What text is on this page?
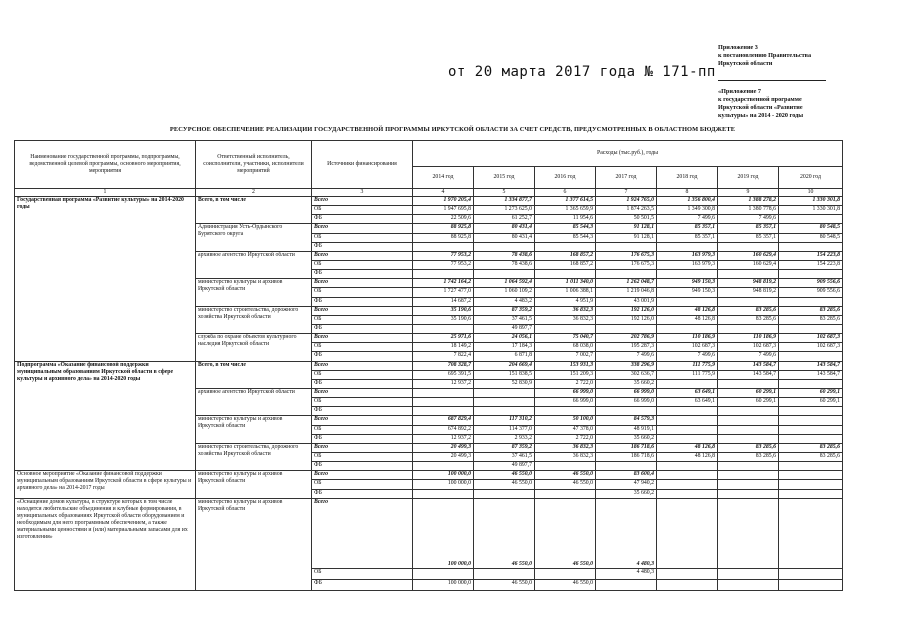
от 20 марта 2017 года № 171-пп
Приложение 3
к постановлению Правительства
Иркутской области
«Приложение 7
к государственной программе
Иркутской области «Развитие
культуры» на 2014 - 2020 годы
РЕСУРСНОЕ ОБЕСПЕЧЕНИЕ РЕАЛИЗАЦИИ ГОСУДАРСТВЕННОЙ ПРОГРАММЫ ИРКУТСКОЙ ОБЛАСТИ ЗА СЧЕТ СРЕДСТВ, ПРЕДУСМОТРЕННЫХ В ОБЛАСТНОМ БЮДЖЕТЕ
Наименование государственной программы, подпрограммы, ведомственной целевой программы, основного мероприятия, мероприятия	Ответственный исполнитель, соисполнители, участники, исполнители мероприятий	Источники финансирования	Расходы (тыс.руб.), годы						
			2014 год	2015 год	2016 год	2017 год	2018 год	2019 год	2020 год
1	2	3	4	5	6	7	8	9	10
Государственная программа «Развитие культуры» на 2014-2020 годы	Всего, в том числе	Всего	1 970 205,4	1 334 877,7	1 377 614,5	1 924 765,0	1 356 800,4	1 388 278,2	1 330 301,8
		ОБ	1 947 695,8	1 273 625,0	1 365 659,9	1 874 263,5	1 349 300,8	1 380 778,6	1 330 301,8
		ФБ	22 509,6	61 252,7	11 954,6	50 501,5	7 499,6	7 499,6	
	Администрация Усть-Ордынского Бурятского округа	Всего	88 925,8	80 431,4	85 544,3	91 128,1	85 357,1	85 357,1	80 548,5
		ОБ	88 925,8	80 431,4	85 544,3	91 128,1	85 357,1	85 357,1	80 548,5
		ФБ							
	архивное агентство Иркутской области	Всего	77 953,2	78 438,6	168 857,2	176 675,3	163 979,3	160 629,4	154 223,8
		ОБ	77 953,2	78 438,6	168 857,2	176 675,3	163 979,3	160 629,4	154 223,8
		ФБ							
	министерство культуры и архивов Иркутской области	Всего	1 742 164,2	1 064 592,4	1 011 340,0	1 262 048,7	949 150,3	948 819,2	909 556,6
		ОБ	1 727 477,0	1 060 109,2	1 006 388,1	1 219 046,8	949 150,3	948 819,2	909 556,6
		ФБ	14 687,2	4 483,2	4 951,9	43 001,9			
	министерство строительства, дорожного хозяйства Иркутской области	Всего	35 190,6	87 359,2	36 832,3	192 126,0	48 126,8	83 285,6	83 285,6
		ОБ	35 190,6	37 461,5	36 832,3	192 126,0	48 126,8	83 285,6	83 285,6
		ФБ		49 897,7					
	служба по охране объектов культурного наследия Иркутской области	Всего	25 971,6	24 056,1	75 040,7	202 786,9	110 186,9	110 186,9	102 687,3
		ОБ	18 149,2	17 184,3	68 038,0	195 287,3	102 687,3	102 687,3	102 687,3
		ФБ	7 822,4	6 871,8	7 002,7	7 499,6	7 499,6	7 499,6	
Подпрограмма «Оказание финансовой поддержки муниципальным образованиям Иркутской области в сфере культуры и архивного дела» на 2014-2020 годы	Всего, в том числе	Всего	708 328,7	204 669,4	153 931,3	338 296,9	111 775,9	143 584,7	143 584,7
		ОБ	695 391,5	151 838,5	151 209,3	302 636,7	111 775,9	143 584,7	143 584,7
		ФБ	12 937,2	52 830,9	2 722,0	35 660,2			
	архивное агентство Иркутской области	Всего			66 999,0	66 999,0	63 649,1	60 299,1	60 299,1
		ОБ			66 999,0	66 999,0	63 649,1	60 299,1	60 299,1
		ФБ							
	министерство культуры и архивов Иркутской области	Всего	687 829,4	117 310,2	50 100,0	84 579,3			
		ОБ	674 892,2	114 377,0	47 378,0	48 919,1			
		ФБ	12 937,2	2 933,2	2 722,0	35 660,2			
	министерство строительства, дорожного хозяйства Иркутской области	Всего	20 499,3	87 359,2	36 832,3	186 718,6	48 126,8	83 285,6	83 285,6
		ОБ	20 499,3	37 461,5	36 832,3	186 718,6	48 126,8	83 285,6	83 285,6
		ФБ		49 897,7					
Основное мероприятие «Оказание финансовой поддержки муниципальным образованиям Иркутской области в сфере культуры и архивного дела» на 2014-2017 годы	министерство культуры и архивов Иркутской области	Всего	100 000,0	46 550,0	46 550,0	83 600,4			
		ОБ	100 000,0	46 550,0	46 550,0	47 940,2			
		ФБ				35 660,2			
«Оснащение домов культуры, в структуре которых в том числе находятся любительские объединения и клубные формирования, в муниципальных образованиях Иркутской области оборудованием и необходимым для него программным обеспечением, а также материальными ценностями и (или) материальными запасами для их изготовления»	министерство культуры и архивов Иркутской области	Всего	100 000,0	46 550,0	46 550,0	4 480,3			
		ОБ				4 480,3			
		ФБ	100 000,0	46 550,0	46 550,0				
